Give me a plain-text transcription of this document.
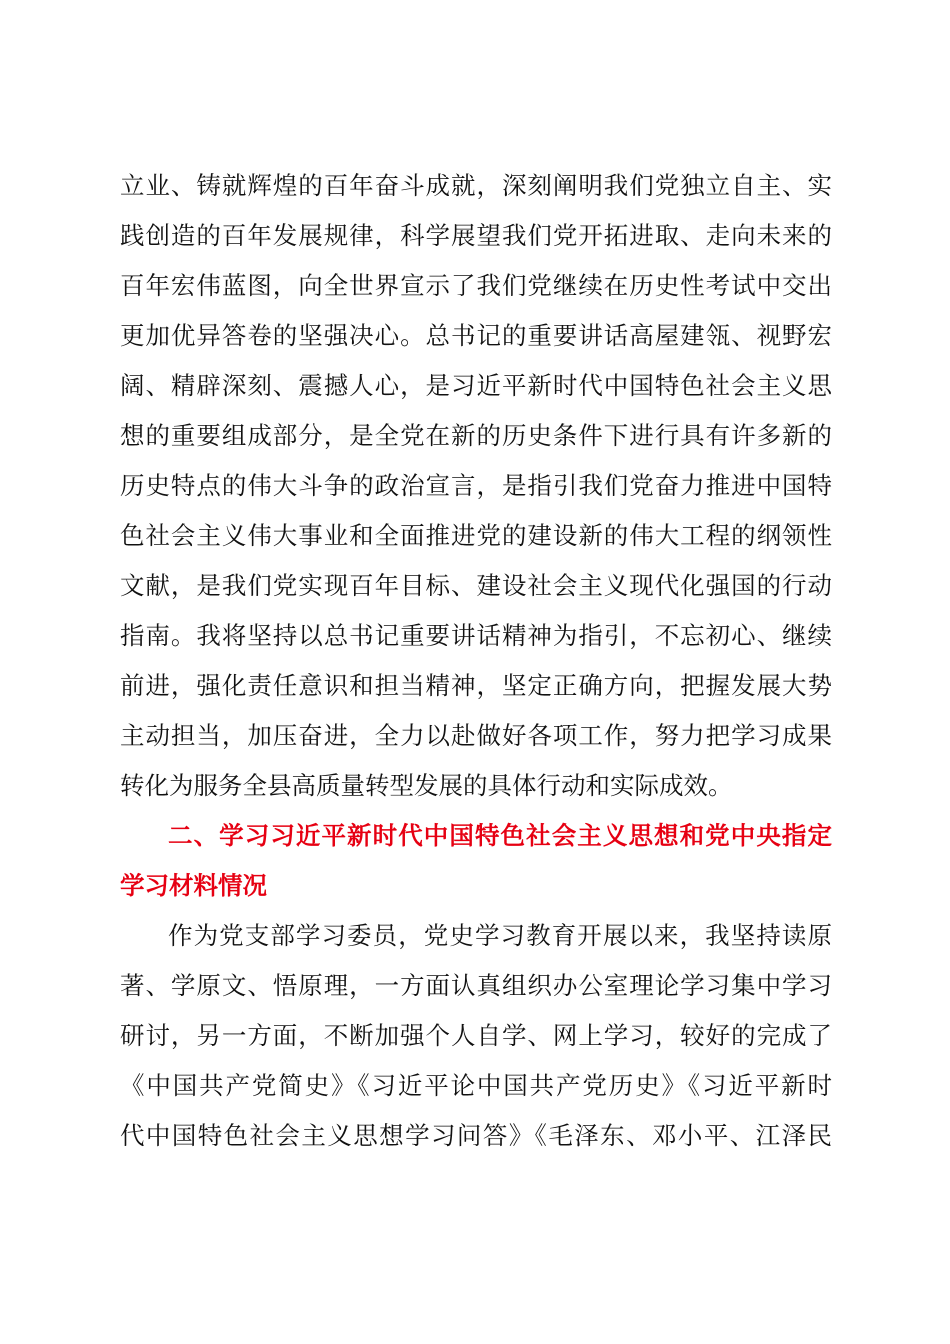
立业、铸就辉煌的百年奋斗成就，深刻阐明我们党独立自主、实
践创造的百年发展规律，科学展望我们党开拓进取、走向未来的
百年宏伟蓝图，向全世界宣示了我们党继续在历史性考试中交出
更加优异答卷的坚强决心。总书记的重要讲话高屋建瓴、视野宏
阔、精辟深刻、震撼人心，是习近平新时代中国特色社会主义思
想的重要组成部分，是全党在新的历史条件下进行具有许多新的
历史特点的伟大斗争的政治宣言，是指引我们党奋力推进中国特
色社会主义伟大事业和全面推进党的建设新的伟大工程的纲领性
文献，是我们党实现百年目标、建设社会主义现代化强国的行动
指南。我将坚持以总书记重要讲话精神为指引，不忘初心、继续
前进，强化责任意识和担当精神，坚定正确方向，把握发展大势
主动担当，加压奋进，全力以赴做好各项工作，努力把学习成果
转化为服务全县高质量转型发展的具体行动和实际成效。
二、学习习近平新时代中国特色社会主义思想和党中央指定
学习材料情况
作为党支部学习委员，党史学习教育开展以来，我坚持读原
著、学原文、悟原理，一方面认真组织办公室理论学习集中学习
研讨，另一方面，不断加强个人自学、网上学习，较好的完成了
《中国共产党简史》《习近平论中国共产党历史》《习近平新时
代中国特色社会主义思想学习问答》《毛泽东、邓小平、江泽民
